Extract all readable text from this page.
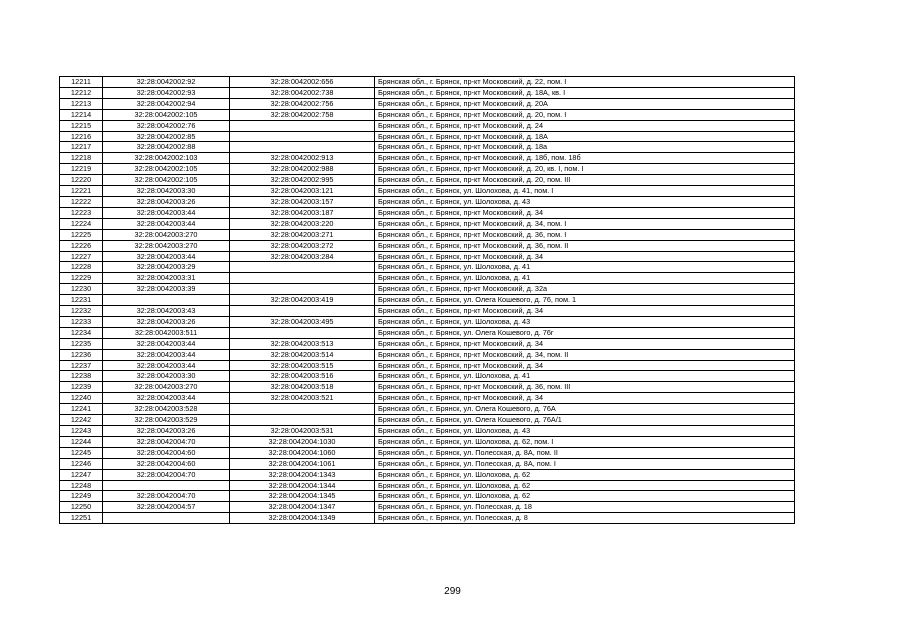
12211	32:28:0042002:92	32:28:0042002:656	Брянская обл., г. Брянск, пр-кт Московский, д. 22, пом. I
12212	32:28:0042002:93	32:28:0042002:738	Брянская обл., г. Брянск, пр-кт Московский, д. 18А, кв. I
12213	32:28:0042002:94	32:28:0042002:756	Брянская обл., г. Брянск, пр-кт Московский, д. 20А
12214	32:28:0042002:105	32:28:0042002:758	Брянская обл., г. Брянск, пр-кт Московский, д. 20, пом. I
12215	32:28:0042002:76		Брянская обл., г. Брянск, пр-кт Московский, д. 24
12216	32:28:0042002:85		Брянская обл., г. Брянск, пр-кт Московский, д. 18А
12217	32:28:0042002:88		Брянская обл., г. Брянск, пр-кт Московский, д. 18а
12218	32:28:0042002:103	32:28:0042002:913	Брянская обл., г. Брянск, пр-кт Московский, д. 18б, пом. 18б
12219	32:28:0042002:105	32:28:0042002:988	Брянская обл., г. Брянск, пр-кт Московский, д. 20, кв. I, пом. I
12220	32:28:0042002:105	32:28:0042002:995	Брянская обл., г. Брянск, пр-кт Московский, д. 20, пом. III
12221	32:28:0042003:30	32:28:0042003:121	Брянская обл., г. Брянск, ул. Шолохова, д. 41, пом. I
12222	32:28:0042003:26	32:28:0042003:157	Брянская обл., г. Брянск, ул. Шолохова, д. 43
12223	32:28:0042003:44	32:28:0042003:187	Брянская обл., г. Брянск, пр-кт Московский, д. 34
12224	32:28:0042003:44	32:28:0042003:220	Брянская обл., г. Брянск, пр-кт Московский, д. 34, пом. I
12225	32:28:0042003:270	32:28:0042003:271	Брянская обл., г. Брянск, пр-кт Московский, д. 36, пом. I
12226	32:28:0042003:270	32:28:0042003:272	Брянская обл., г. Брянск, пр-кт Московский, д. 36, пом. II
12227	32:28:0042003:44	32:28:0042003:284	Брянская обл., г. Брянск, пр-кт Московский, д. 34
12228	32:28:0042003:29		Брянская обл., г. Брянск, ул. Шолохова, д. 41
12229	32:28:0042003:31		Брянская обл., г. Брянск, ул. Шолохова, д. 41
12230	32:28:0042003:39		Брянская обл., г. Брянск, пр-кт Московский, д. 32а
12231		32:28:0042003:419	Брянская обл., г. Брянск, ул. Олега Кошевого, д. 76, пом. 1
12232	32:28:0042003:43		Брянская обл., г. Брянск, пр-кт Московский, д. 34
12233	32:28:0042003:26	32:28:0042003:495	Брянская обл., г. Брянск, ул. Шолохова, д. 43
12234	32:28:0042003:511		Брянская обл., г. Брянск, ул. Олега Кошевого, д. 76г
12235	32:28:0042003:44	32:28:0042003:513	Брянская обл., г. Брянск, пр-кт Московский, д. 34
12236	32:28:0042003:44	32:28:0042003:514	Брянская обл., г. Брянск, пр-кт Московский, д. 34, пом. II
12237	32:28:0042003:44	32:28:0042003:515	Брянская обл., г. Брянск, пр-кт Московский, д. 34
12238	32:28:0042003:30	32:28:0042003:516	Брянская обл., г. Брянск, ул. Шолохова, д. 41
12239	32:28:0042003:270	32:28:0042003:518	Брянская обл., г. Брянск, пр-кт Московский, д. 36, пом. III
12240	32:28:0042003:44	32:28:0042003:521	Брянская обл., г. Брянск, пр-кт Московский, д. 34
12241	32:28:0042003:528		Брянская обл., г. Брянск, ул. Олега Кошевого, д. 76А
12242	32:28:0042003:529		Брянская обл., г. Брянск, ул. Олега Кошевого, д. 76А/1
12243	32:28:0042003:26	32:28:0042003:531	Брянская обл., г. Брянск, ул. Шолохова, д. 43
12244	32:28:0042004:70	32:28:0042004:1030	Брянская обл., г. Брянск, ул. Шолохова, д. 62, пом. I
12245	32:28:0042004:60	32:28:0042004:1060	Брянская обл., г. Брянск, ул. Полесская, д. 8А, пом. II
12246	32:28:0042004:60	32:28:0042004:1061	Брянская обл., г. Брянск, ул. Полесская, д. 8А, пом. I
12247	32:28:0042004:70	32:28:0042004:1343	Брянская обл., г. Брянск, ул. Шолохова, д. 62
12248		32:28:0042004:1344	Брянская обл., г. Брянск, ул. Шолохова, д. 62
12249	32:28:0042004:70	32:28:0042004:1345	Брянская обл., г. Брянск, ул. Шолохова, д. 62
12250	32:28:0042004:57	32:28:0042004:1347	Брянская обл., г. Брянск, ул. Полесская, д. 18
12251		32:28:0042004:1349	Брянская обл., г. Брянск, ул. Полесская, д. 8
299
